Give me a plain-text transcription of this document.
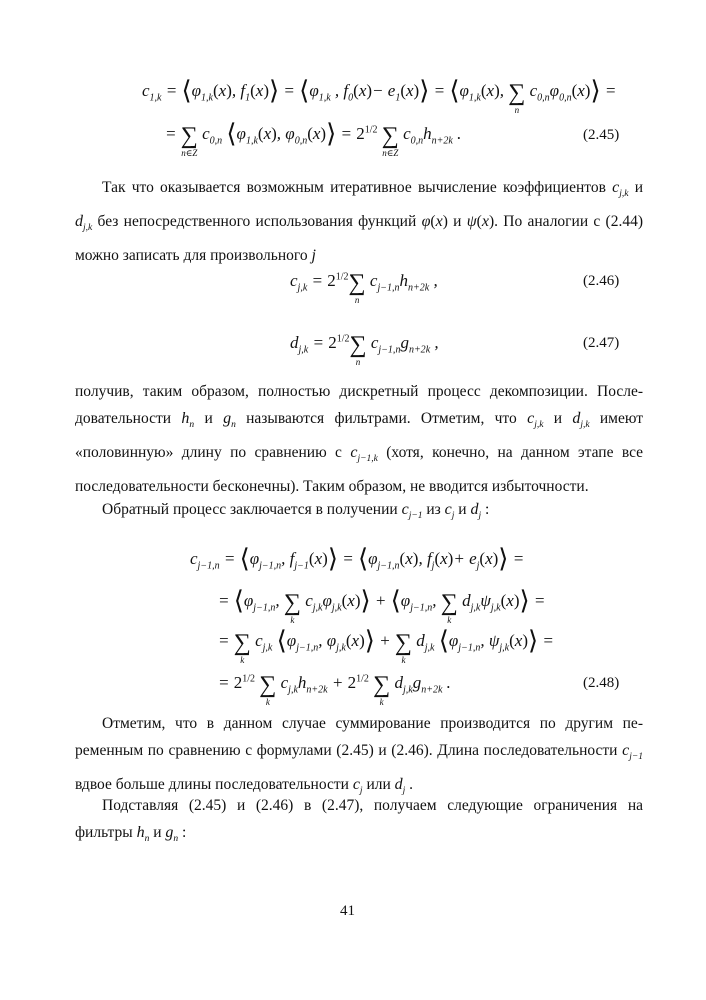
$c_{1,k}$ = $⟨\varphi_{1,k}(x)$, $f_1(x)⟩$ = $⟨\varphi_{1,k}$ , $f_0(x)-$ $e_1(x)⟩$ = $⟨\varphi_{1,k}(x)$, ∑
n
$c_{0,n}\varphi_{0,n}(x)⟩$ =
= ∑
n∈Z
$c_{0,n}$ $⟨\varphi_{1,k}(x)$, $\varphi_{0,n}(x)⟩ = 2^{1/2}$ ∑
n∈Z
$c_{0,n}h_{n+2k}$ .	(2.45)
Так что оказывается возможным итеративное вычисление коэффициентов $c_{j,k}$ и $d_{j,k}$ без непосредственного использования функций φ(x) и ψ(x). По аналогии с (2.44) можно записать для произвольного j
$c_{j,k} = 2^{1/2}\sum$
n
$c_{j-1,n}h_{n+2k}$ ,	(2.46)
$d_{j,k} = 2^{1/2}\sum$
n
$c_{j-1,n}g_{n+2k}$ ,	(2.47)
получив, таким образом, полностью дискретный процесс декомпозиции. Последовательности $h_n$ и $g_n$ называются фильтрами. Отметим, что $c_{j,k}$ и $d_{j,k}$ имеют «половинную» длину по сравнению с $c_{j-1,k}$ (хотя, конечно, на данном этапе все последовательности бесконечны). Таким образом, не вводится избыточности.
Обратный процесс заключается в получении $c_{j-1}$ из $c_j$ и $d_j$ :
$c_{j-1,n}$ = $⟨\varphi_{j-1,n}$, $f_{j-1}(x)⟩$ = $⟨\varphi_{j-1,n}(x)$, $f_j(x)+$ $e_j(x)⟩$ =
= $⟨\varphi_{j-1,n}$, ∑
k
$c_{j,k}\varphi_{j,k}(x)⟩$ + $⟨\varphi_{j-1,n}$, ∑
k
$d_{j,k}\psi_{j,k}(x)⟩$ =
= ∑
k
$c_{j,k}$ $⟨\varphi_{j-1,n}$, $\varphi_{j,k}(x)⟩$ + ∑
k
$d_{j,k}$ $⟨\varphi_{j-1,n}$, $\psi_{j,k}(x)⟩$ =
= $2^{1/2}$ ∑
k
$c_{j,k}h_{n+2k} + 2^{1/2}$ ∑
k
$d_{j,k}g_{n+2k}$ .	(2.48)
Отметим, что в данном случае суммирование производится по другим переменным по сравнению с формулами (2.45) и (2.46). Длина последовательности $c_{j-1}$ вдвое больше длины последовательности $c_j$ или $d_j$ .
Подставляя (2.45) и (2.46) в (2.47), получаем следующие ограничения на фильтры $h_n$ и $g_n$ :
41
